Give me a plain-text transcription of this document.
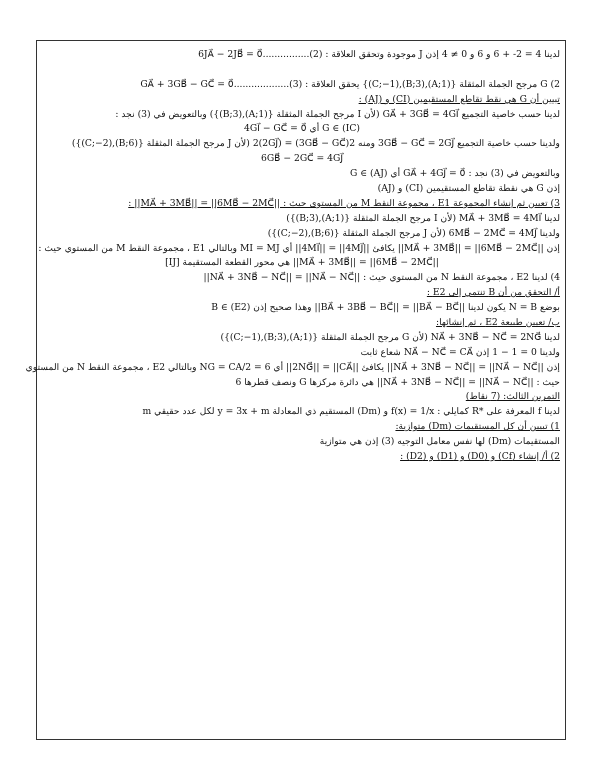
لدينا 4 = 2- + 6 و 6 و 0 ≠ 4 إذن J موجودة وتحقق العلاقة : (2)................6JA⃗ − 2JB⃗ = 0⃗
2) G مرجح الجملة المثقلة {(A;1),(B;3),(C;−1)} يحقق العلاقة : (3)...................GA⃗ + 3GB⃗ − GC⃗ = 0⃗
تبيين أن G هي نقط تقاطع المستقيمين (CI) و (AJ) :
لدينا حسب خاصية التجميع GA⃗ + 3GB⃗ = 4GI⃗ (لأن I مرجح الجملة المثقلة {(A;1),(B;3)}) وبالتعويض في (3) نجد :
G ∈ (IC) أي 4GI⃗ − GC⃗ = 0⃗
ولدينا حسب خاصية التجميع 3GB⃗ − GC⃗ = 2GJ⃗ ومنه 2(3GB⃗ − GC⃗) = 2(2GJ⃗) (لأن J مرجح الجملة المثقلة {(B;6),(C;−2)})
6GB⃗ − 2GC⃗ = 4GJ⃗
وبالتعويض في (3) نجد : GA⃗ + 4GJ⃗ = 0⃗ أي G ∈ (AJ)
إذن G هي نقطة تقاطع المستقيمين (CI) و (AJ)
3) تعيين ثم إنشاء المجموعة E1 ، مجموعة النقط M من المستوي حيث : ||MA⃗ + 3MB⃗|| = ||6MB⃗ − 2MC⃗|| :
لدينا MA⃗ + 3MB⃗ = 4MI⃗ (لأن I مرجح الجملة المثقلة {(A;1),(B;3)})
ولدينا 6MB⃗ − 2MC⃗ = 4MJ⃗ (لأن J مرجح الجملة المثقلة {(B;6),(C;−2)})
إذن ||MA⃗ + 3MB⃗|| = ||6MB⃗ − 2MC⃗|| يكافئ ||4MI⃗|| = ||4MJ⃗|| أي MI = MJ وبالتالي E1 ، مجموعة النقط M من المستوي حيث :
||MA⃗ + 3MB⃗|| = ||6MB⃗ − 2MC⃗|| هي محور القطعة المستقيمة [IJ]
4) لدينا E2 ، مجموعة النقط N من المستوي حيث : ||NA⃗ + 3NB⃗ − NC⃗|| = ||NA⃗ − NC⃗||
أ/ التحقق من أن B تنتمي إلى E2 :
بوضع N = B يكون لدينا ||BA⃗ + 3BB⃗ − BC⃗|| = ||BA⃗ − BC⃗|| وهذا صحيح إذن B ∈ (E2)
ب/ تعيين طبيعة E2 ، ثم إنشائها:
لدينا NA⃗ + 3NB⃗ − NC⃗ = 2NG⃗ (لأن G مرجح الجملة المثقلة {(A;1),(B;3),(C;−1)})
ولدينا 0 = 1 − 1 إذن NA⃗ − NC⃗ = CA⃗ شعاع ثابت
إذن ||NA⃗ + 3NB⃗ − NC⃗|| = ||NA⃗ − NC⃗|| يكافئ ||2NG⃗|| = ||CA⃗|| أي NG = CA/2 = 6 وبالتالي E2 ، مجموعة النقط N من المستوي
حيث : ||NA⃗ + 3NB⃗ − NC⃗|| = ||NA⃗ − NC⃗|| هي دائرة مركزها G ونصف قطرها 6
التمرين الثالث: (7 نقاط)
لدينا f المعرفة على *R كمايلي : f(x) = 1/x و (Dm) المستقيم ذي المعادلة y = 3x + m لكل عدد حقيقي m
1) تبيين أن كل المستقيمات (Dm) متوازية:
المستقيمات (Dm) لها نفس معامل التوجيه (3) إذن هي متوازية
2) أ/ إنشاء (Cf) و (D0) و (D1) و (D2) :
